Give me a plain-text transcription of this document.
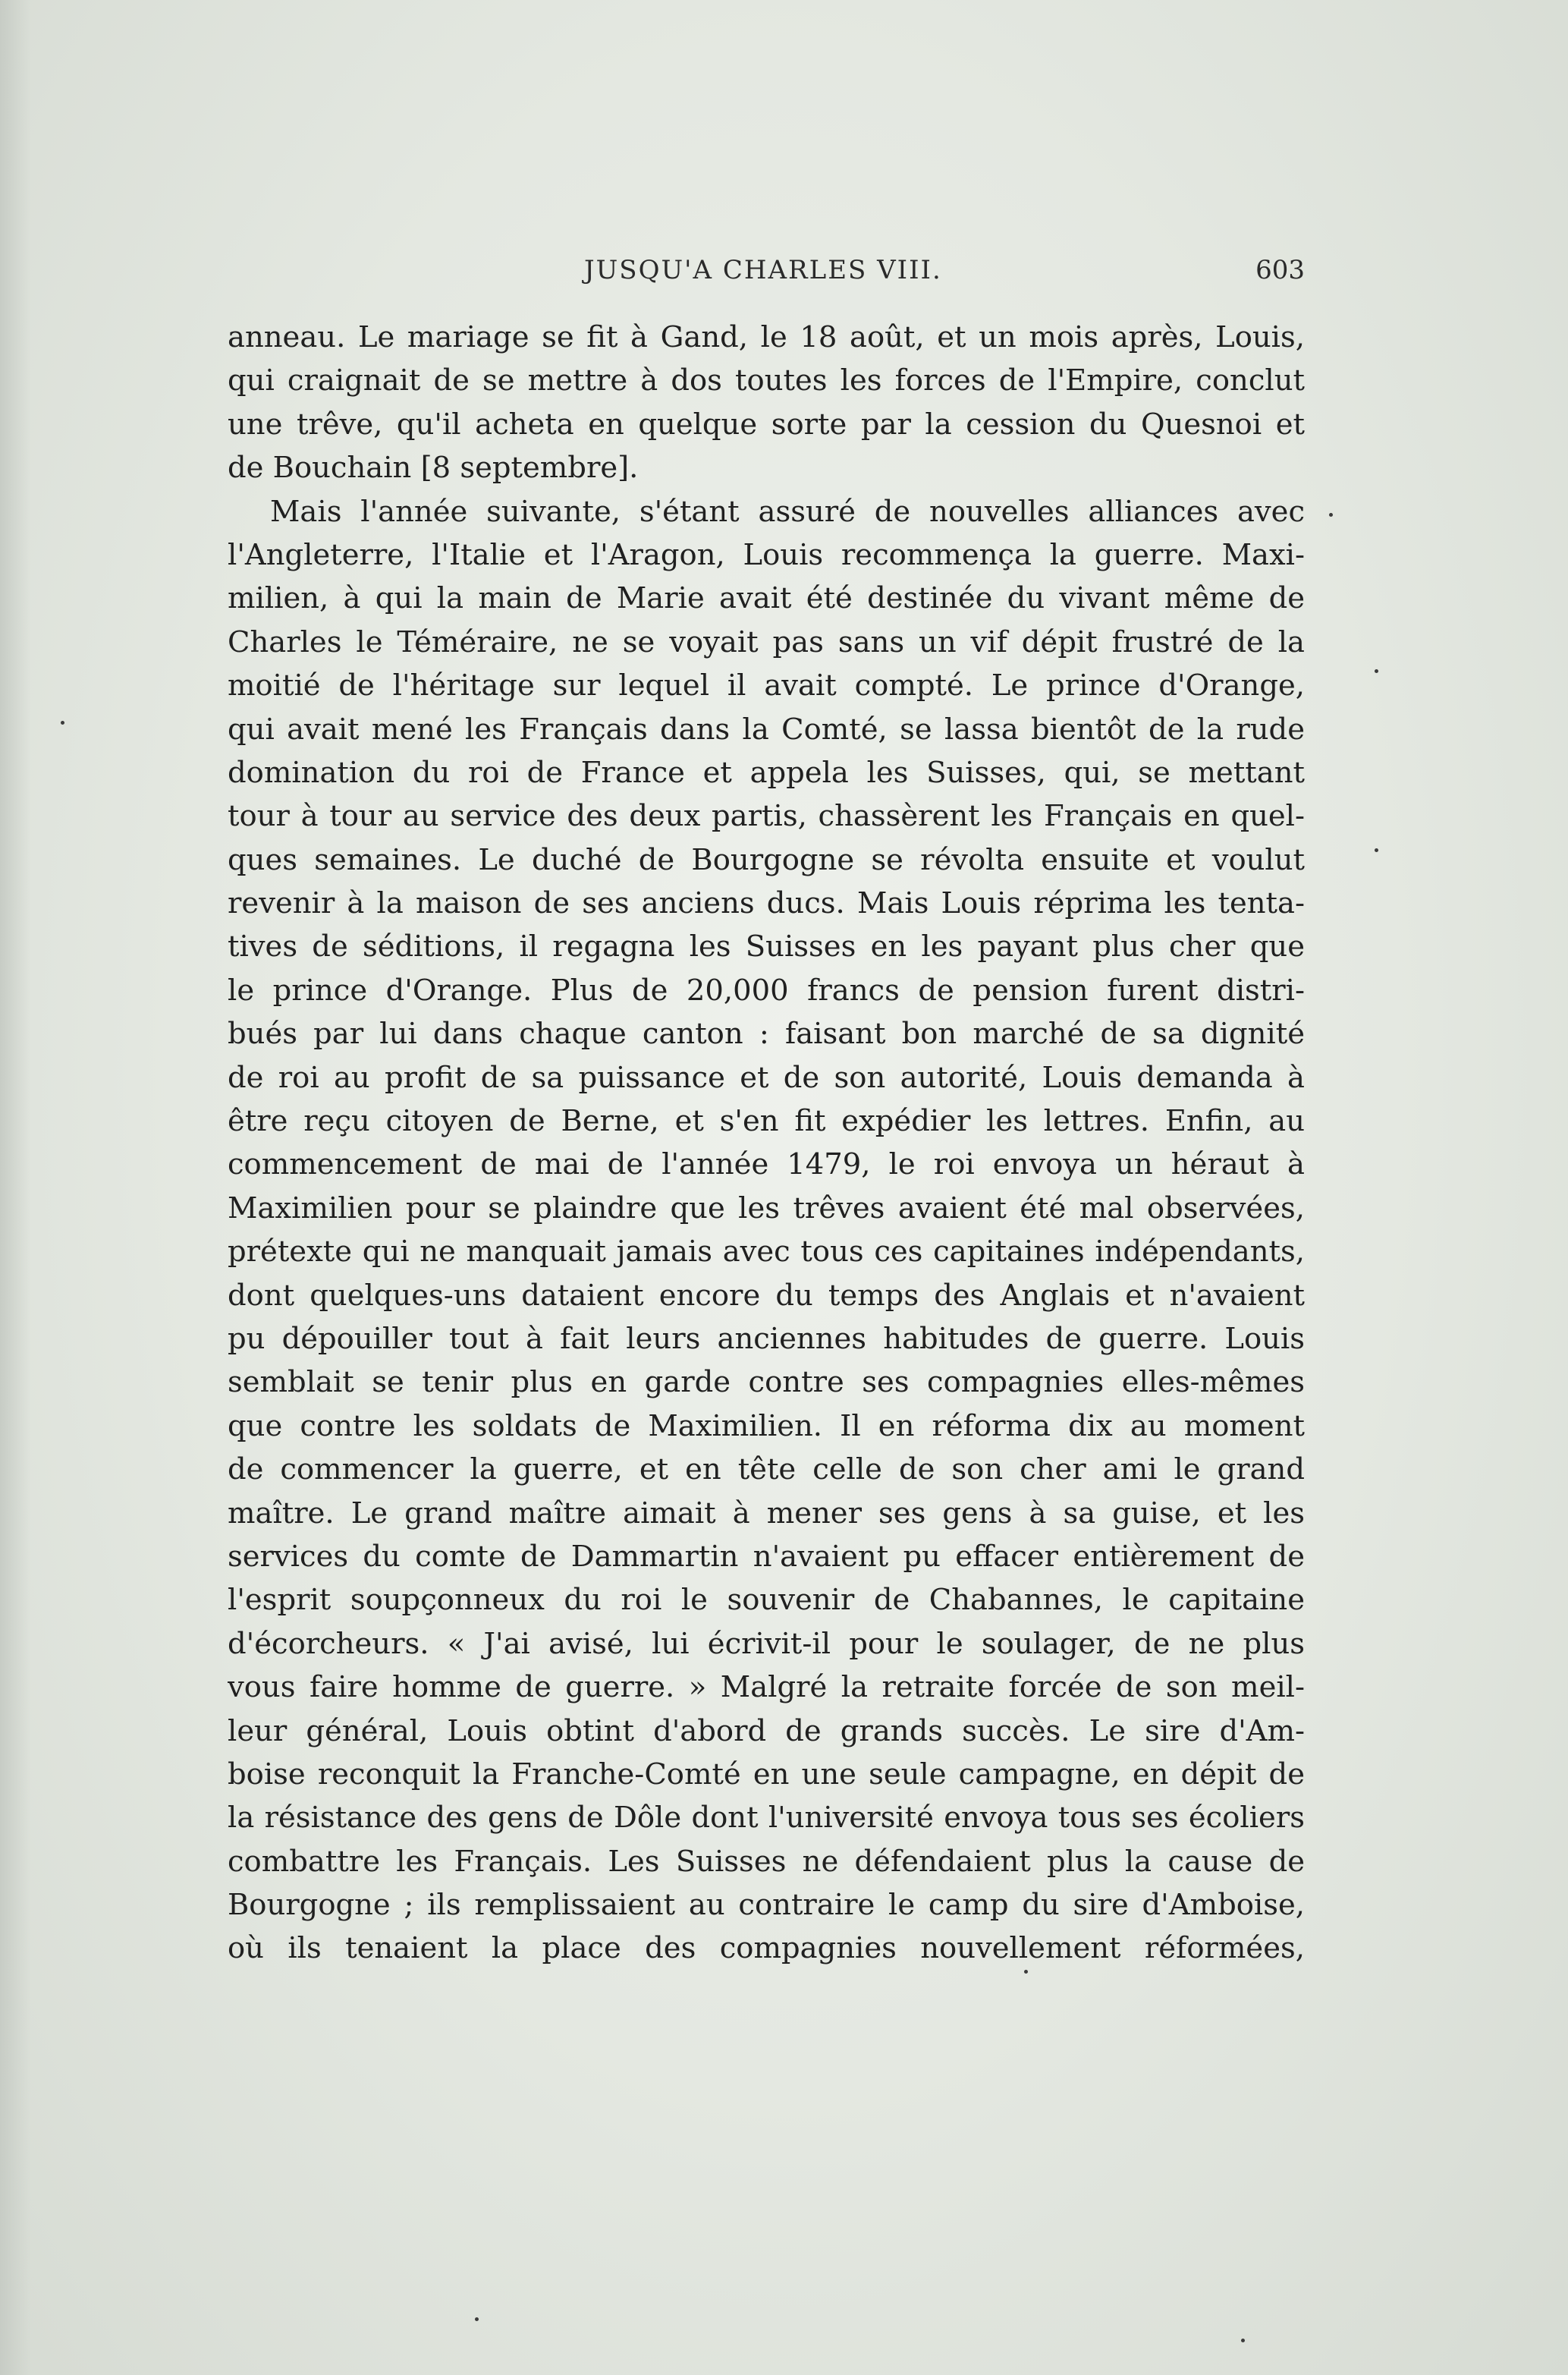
JUSQU'A CHARLES VIII.	603
anneau. Le mariage se fit à Gand, le 18 août, et un mois après, Louis,
qui craignait de se mettre à dos toutes les forces de l'Empire, conclut
une trêve, qu'il acheta en quelque sorte par la cession du Quesnoi et
de Bouchain [8 septembre].
Mais l'année suivante, s'étant assuré de nouvelles alliances avec
l'Angleterre, l'Italie et l'Aragon, Louis recommença la guerre. Maxi-
milien, à qui la main de Marie avait été destinée du vivant même de
Charles le Téméraire, ne se voyait pas sans un vif dépit frustré de la
moitié de l'héritage sur lequel il avait compté. Le prince d'Orange,
qui avait mené les Français dans la Comté, se lassa bientôt de la rude
domination du roi de France et appela les Suisses, qui, se mettant
tour à tour au service des deux partis, chassèrent les Français en quel-
ques semaines. Le duché de Bourgogne se révolta ensuite et voulut
revenir à la maison de ses anciens ducs. Mais Louis réprima les tenta-
tives de séditions, il regagna les Suisses en les payant plus cher que
le prince d'Orange. Plus de 20,000 francs de pension furent distri-
bués par lui dans chaque canton : faisant bon marché de sa dignité
de roi au profit de sa puissance et de son autorité, Louis demanda à
être reçu citoyen de Berne, et s'en fit expédier les lettres. Enfin, au
commencement de mai de l'année 1479, le roi envoya un héraut à
Maximilien pour se plaindre que les trêves avaient été mal observées,
prétexte qui ne manquait jamais avec tous ces capitaines indépendants,
dont quelques-uns dataient encore du temps des Anglais et n'avaient
pu dépouiller tout à fait leurs anciennes habitudes de guerre. Louis
semblait se tenir plus en garde contre ses compagnies elles-mêmes
que contre les soldats de Maximilien. Il en réforma dix au moment
de commencer la guerre, et en tête celle de son cher ami le grand
maître. Le grand maître aimait à mener ses gens à sa guise, et les
services du comte de Dammartin n'avaient pu effacer entièrement de
l'esprit soupçonneux du roi le souvenir de Chabannes, le capitaine
d'écorcheurs. « J'ai avisé, lui écrivit-il pour le soulager, de ne plus
vous faire homme de guerre. » Malgré la retraite forcée de son meil-
leur général, Louis obtint d'abord de grands succès. Le sire d'Am-
boise reconquit la Franche-Comté en une seule campagne, en dépit de
la résistance des gens de Dôle dont l'université envoya tous ses écoliers
combattre les Français. Les Suisses ne défendaient plus la cause de
Bourgogne ; ils remplissaient au contraire le camp du sire d'Amboise,
où ils tenaient la place des compagnies nouvellement réformées,
